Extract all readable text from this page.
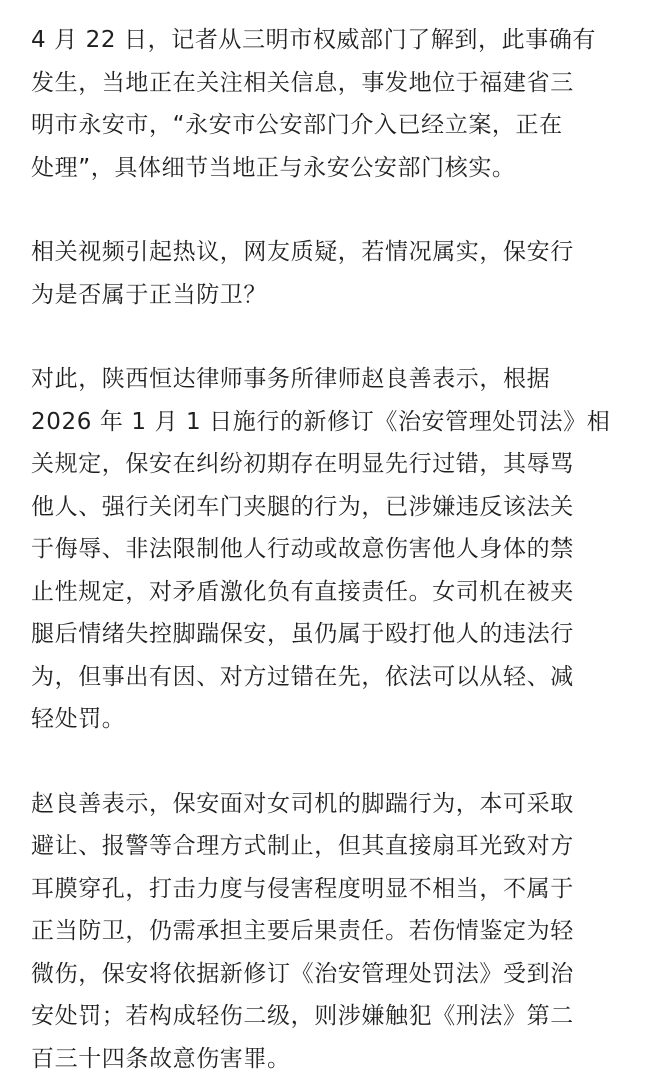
4 月 22 日，记者从三明市权威部门了解到，此事确有
发生，当地正在关注相关信息，事发地位于福建省三
明市永安市，“永安市公安部门介入已经立案，正在
处理”，具体细节当地正与永安公安部门核实。

相关视频引起热议，网友质疑，若情况属实，保安行
为是否属于正当防卫？

对此，陕西恒达律师事务所律师赵良善表示，根据
2026 年 1 月 1 日施行的新修订《治安管理处罚法》相
关规定，保安在纠纷初期存在明显先行过错，其辱骂
他人、强行关闭车门夹腿的行为，已涉嫌违反该法关
于侮辱、非法限制他人行动或故意伤害他人身体的禁
止性规定，对矛盾激化负有直接责任。女司机在被夹
腿后情绪失控脚踹保安，虽仍属于殴打他人的违法行
为，但事出有因、对方过错在先，依法可以从轻、减
轻处罚。

赵良善表示，保安面对女司机的脚踹行为，本可采取
避让、报警等合理方式制止，但其直接扇耳光致对方
耳膜穿孔，打击力度与侵害程度明显不相当，不属于
正当防卫，仍需承担主要后果责任。若伤情鉴定为轻
微伤，保安将依据新修订《治安管理处罚法》受到治
安处罚；若构成轻伤二级，则涉嫌触犯《刑法》第二
百三十四条故意伤害罪。
